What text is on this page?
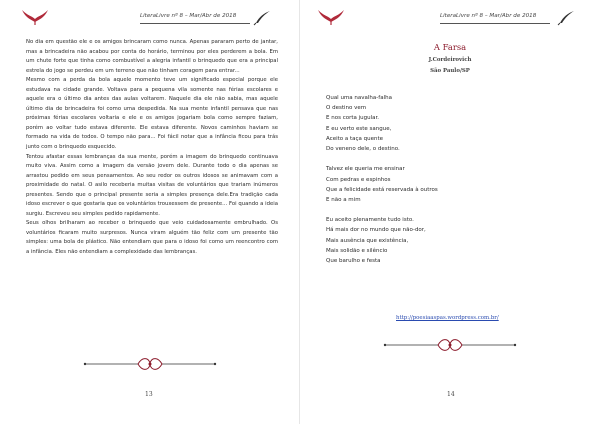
LiteraLivre nº 8 – Mar/Abr de 2018

No dia em questão ele e os amigos brincaram como nunca. Apenas pararam perto de jantar, mas a brincadeira não acabou por conta do horário, terminou por eles perderem a bola. Em um chute forte que tinha como combustível a alegria infantil o brinquedo que era a principal estrela do jogo se perdeu em um terreno que não tinham coragem para entrar...

Mesmo com a perda da bola aquele momento teve um significado especial porque ele estudava na cidade grande. Voltava para a pequena vila somente nas férias escolares e aquele era o último dia antes das aulas voltarem. Naquele dia ele não sabia, mas aquele último dia de brincadeira foi como uma despedida. Na sua mente infantil pensava que nas próximas férias escolares voltaria e ele e os amigos jogariam bola como sempre faziam, porém ao voltar tudo estava diferente. Ele estava diferente. Novos caminhos haviam se formado na vida de todos. O tempo não para... Foi fácil notar que a infância ficou para trás junto com o brinquedo esquecido.

Tentou afastar essas lembranças da sua mente, porém a imagem do brinquedo continuava muito viva. Assim como a imagem da versão jovem dele. Durante todo o dia apenas se arrastou pedido em seus pensamentos. Ao seu redor os outros idosos se animavam com a proximidade do natal. O asilo receberia muitas visitas de voluntários que trariam inúmeros presentes. Sendo que o principal presente seria a simples presença dele.Era tradição cada idoso escrever o que gostaria que os voluntários trouxessem de presente... Foi quando a ideia surgiu. Escreveu seu simples pedido rapidamente.

Seus olhos brilharam ao receber o brinquedo que veio cuidadosamente embrulhado. Os voluntários ficaram muito surpresos. Nunca viram alguém tão feliz com um presente tão simples: uma bola de plástico. Não entendiam que para o idoso foi como um reencontro com a infância. Eles não entendiam a complexidade das lembranças.

13
LiteraLivre nº 8 – Mar/Abr de 2018
14
A Farsa
J.Cordeirovich
São Paulo/SP
Qual uma navalha-falha
O destino vem
E nos corta jugular.
E eu verto este sangue,
Aceito a taça quente
Do veneno dele, o destino.
Talvez ele queria me ensinar
Com pedras e espinhos
Que a felicidade está reservada à outros
E não a mim
Eu aceito plenamente tudo isto.
Há mais dor no mundo que não-dor,
Mais ausência que existência,
Mais solidão e silêncio
Que barulho e festa
http://poesiaaspas.wordpress.com.br/
